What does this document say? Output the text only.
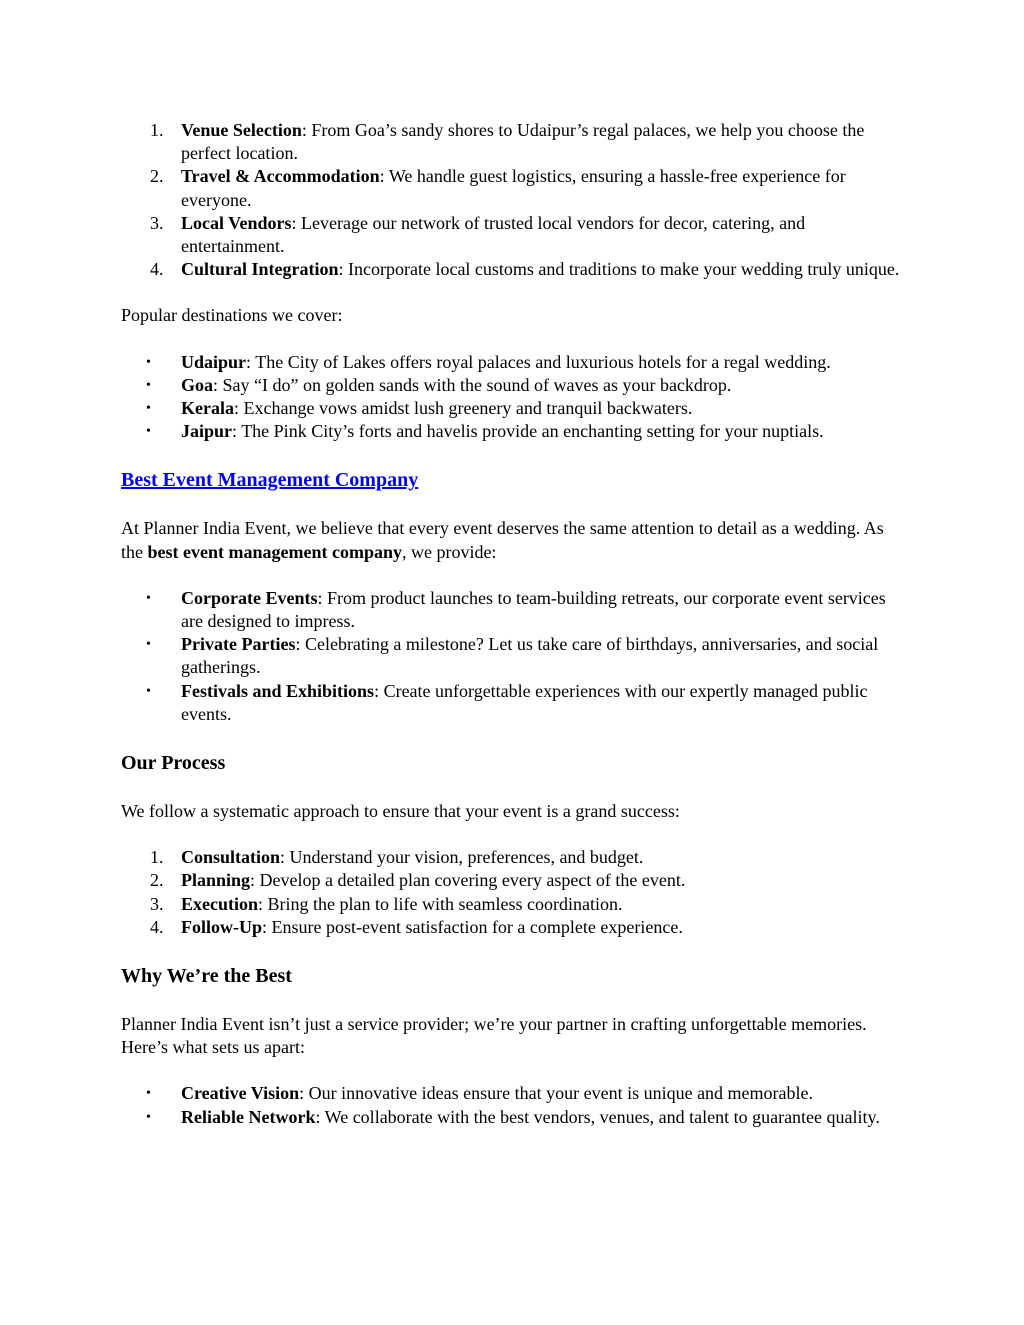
1. Venue Selection: From Goa’s sandy shores to Udaipur’s regal palaces, we help you choose the perfect location.
2. Travel & Accommodation: We handle guest logistics, ensuring a hassle-free experience for everyone.
3. Local Vendors: Leverage our network of trusted local vendors for decor, catering, and entertainment.
4. Cultural Integration: Incorporate local customs and traditions to make your wedding truly unique.

Popular destinations we cover:

• Udaipur: The City of Lakes offers royal palaces and luxurious hotels for a regal wedding.
• Goa: Say “I do” on golden sands with the sound of waves as your backdrop.
• Kerala: Exchange vows amidst lush greenery and tranquil backwaters.
• Jaipur: The Pink City’s forts and havelis provide an enchanting setting for your nuptials.
Best Event Management Company

At Planner India Event, we believe that every event deserves the same attention to detail as a wedding. As the best event management company, we provide:

• Corporate Events: From product launches to team-building retreats, our corporate event services are designed to impress.
• Private Parties: Celebrating a milestone? Let us take care of birthdays, anniversaries, and social gatherings.
• Festivals and Exhibitions: Create unforgettable experiences with our expertly managed public events.
Our Process

We follow a systematic approach to ensure that your event is a grand success:

1. Consultation: Understand your vision, preferences, and budget.
2. Planning: Develop a detailed plan covering every aspect of the event.
3. Execution: Bring the plan to life with seamless coordination.
4. Follow-Up: Ensure post-event satisfaction for a complete experience.
Why We’re the Best

Planner India Event isn’t just a service provider; we’re your partner in crafting unforgettable memories. Here’s what sets us apart:

• Creative Vision: Our innovative ideas ensure that your event is unique and memorable.
• Reliable Network: We collaborate with the best vendors, venues, and talent to guarantee quality.
